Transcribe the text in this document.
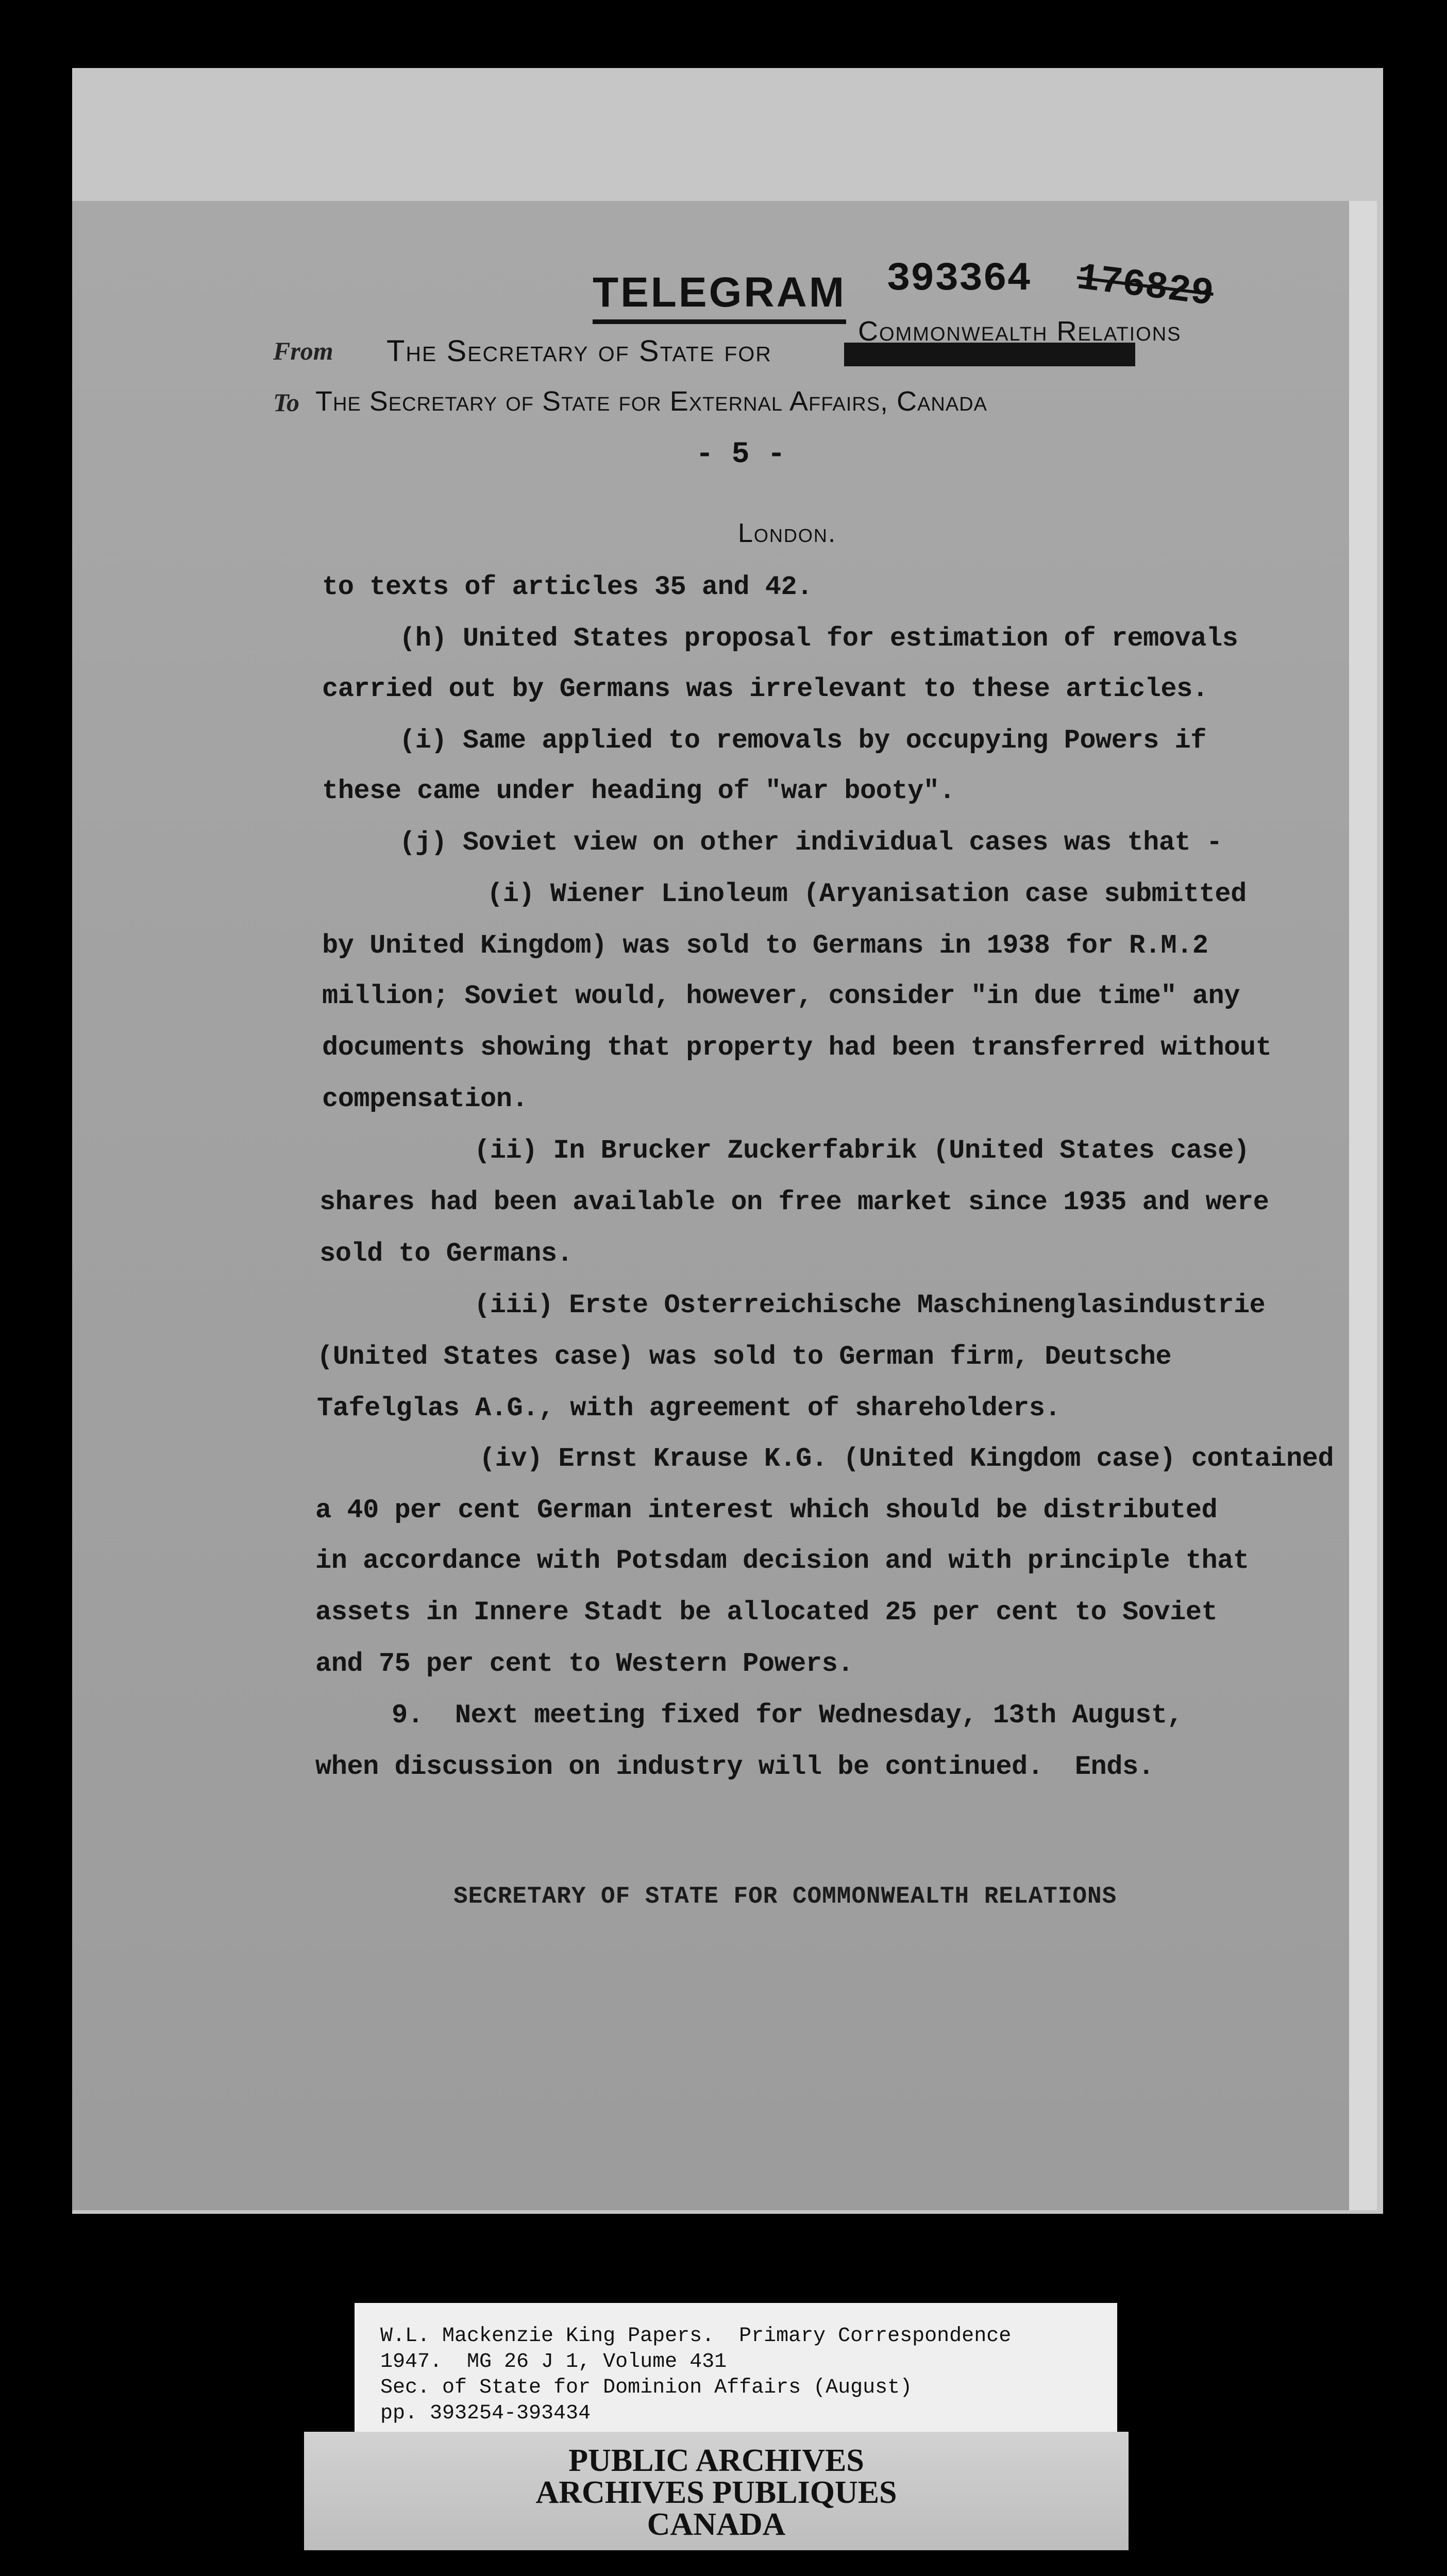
TELEGRAM 393364 176829
From The Secretary of State for
Commonwealth Relations
To The Secretary of State for External Affairs, Canada
- 5 -
London.
to texts of articles 35 and 42.
(h) United States proposal for estimation of removals
carried out by Germans was irrelevant to these articles.
(i) Same applied to removals by occupying Powers if
these came under heading of "war booty".
(j) Soviet view on other individual cases was that -
(i) Wiener Linoleum (Aryanisation case submitted
by United Kingdom) was sold to Germans in 1938 for R.M.2
million; Soviet would, however, consider "in due time" any
documents showing that property had been transferred without
compensation.
(ii) In Brucker Zuckerfabrik (United States case)
shares had been available on free market since 1935 and were
sold to Germans.
(iii) Erste Osterreichische Maschinenglasindustrie
(United States case) was sold to German firm, Deutsche
Tafelglas A.G., with agreement of shareholders.
(iv) Ernst Krause K.G. (United Kingdom case) contained
a 40 per cent German interest which should be distributed
in accordance with Potsdam decision and with principle that
assets in Innere Stadt be allocated 25 per cent to Soviet
and 75 per cent to Western Powers.
9.  Next meeting fixed for Wednesday, 13th August,
when discussion on industry will be continued.  Ends.
SECRETARY OF STATE FOR COMMONWEALTH RELATIONS
W.L. Mackenzie King Papers.  Primary Correspondence
1947.  MG 26 J 1, Volume 431
Sec. of State for Dominion Affairs (August)
pp. 393254-393434
PUBLIC ARCHIVES
ARCHIVES PUBLIQUES
CANADA
